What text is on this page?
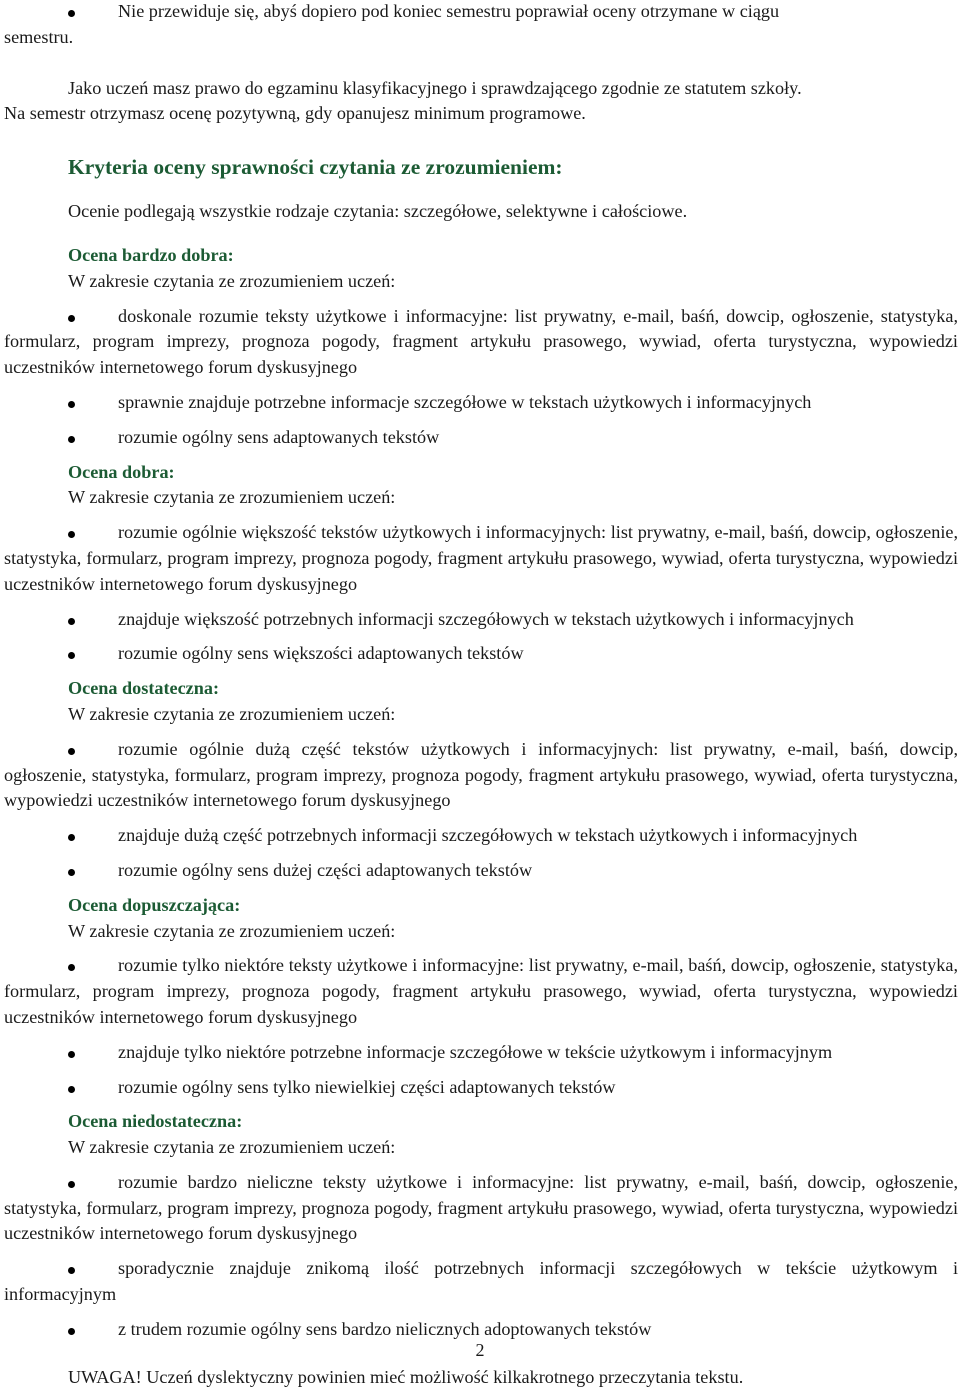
Nie przewiduje się, abyś dopiero pod koniec semestru poprawiał oceny otrzymane w ciągu
semestru.

Jako uczeń masz prawo do egzaminu klasyfikacyjnego i sprawdzającego zgodnie ze statutem szkoły.

Na semestr otrzymasz ocenę pozytywną, gdy opanujesz minimum programowe.

Kryteria oceny sprawności czytania ze zrozumieniem:

Ocenie podlegają wszystkie rodzaje czytania: szczegółowe, selektywne i całościowe.

Ocena bardzo dobra:

W zakresie czytania ze zrozumieniem uczeń:

doskonale rozumie teksty użytkowe i informacyjne: list prywatny, e-mail, baśń, dowcip, ogłoszenie, statystyka, formularz, program imprezy, prognoza pogody, fragment artykułu prasowego, wywiad, oferta turystyczna, wypowiedzi uczestników internetowego forum dyskusyjnego

sprawnie znajduje potrzebne informacje szczegółowe w tekstach użytkowych i informacyjnych

rozumie ogólny sens adaptowanych tekstów

Ocena dobra:

W zakresie czytania ze zrozumieniem uczeń:

rozumie ogólnie większość tekstów użytkowych i informacyjnych: list prywatny, e-mail, baśń, dowcip, ogłoszenie, statystyka, formularz, program imprezy, prognoza pogody, fragment artykułu prasowego, wywiad, oferta turystyczna, wypowiedzi uczestników internetowego forum dyskusyjnego

znajduje większość potrzebnych informacji szczegółowych w tekstach użytkowych i informacyjnych

rozumie ogólny sens większości adaptowanych tekstów

Ocena dostateczna:

W zakresie czytania ze zrozumieniem uczeń:

rozumie ogólnie dużą część tekstów użytkowych i informacyjnych: list prywatny, e-mail, baśń, dowcip, ogłoszenie, statystyka, formularz, program imprezy, prognoza pogody, fragment artykułu prasowego, wywiad, oferta turystyczna, wypowiedzi uczestników internetowego forum dyskusyjnego

znajduje dużą część potrzebnych informacji szczegółowych w tekstach użytkowych i informacyjnych

rozumie ogólny sens dużej części adaptowanych tekstów

Ocena dopuszczająca:

W zakresie czytania ze zrozumieniem uczeń:

rozumie tylko niektóre teksty użytkowe i informacyjne: list prywatny, e-mail, baśń, dowcip, ogłoszenie, statystyka, formularz, program imprezy, prognoza pogody, fragment artykułu prasowego, wywiad, oferta turystyczna, wypowiedzi uczestników internetowego forum dyskusyjnego

znajduje tylko niektóre potrzebne informacje szczegółowe w tekście użytkowym i informacyjnym

rozumie ogólny sens tylko niewielkiej części adaptowanych tekstów

Ocena niedostateczna:

W zakresie czytania ze zrozumieniem uczeń:

rozumie bardzo nieliczne teksty użytkowe i informacyjne: list prywatny, e-mail, baśń, dowcip, ogłoszenie, statystyka, formularz, program imprezy, prognoza pogody, fragment artykułu prasowego, wywiad, oferta turystyczna, wypowiedzi uczestników internetowego forum dyskusyjnego

sporadycznie znajduje znikomą ilość potrzebnych informacji szczegółowych w tekście użytkowym i informacyjnym

z trudem rozumie ogólny sens bardzo nielicznych adoptowanych tekstów

UWAGA! Uczeń dyslektyczny powinien mieć możliwość kilkakrotnego przeczytania tekstu.

2
